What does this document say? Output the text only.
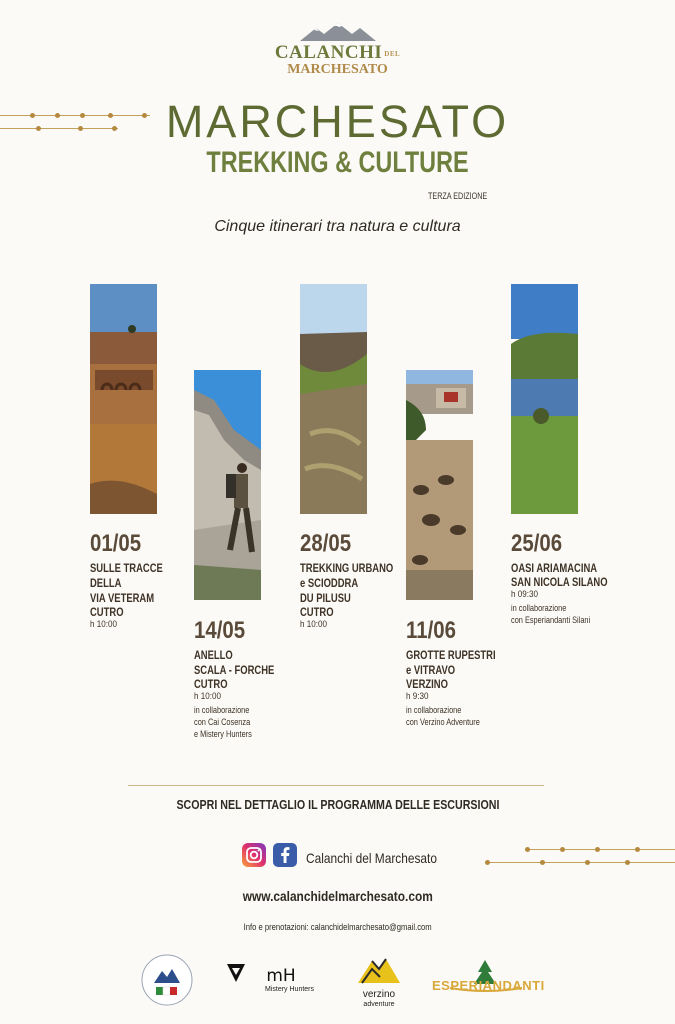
CALANCHI DEL
MARCHESATO
MARCHESATO
TREKKING & CULTURE
TERZA EDIZIONE
Cinque itinerari tra natura e cultura
01/05
SULLE TRACCE
DELLA
VIA VETERAM
CUTRO
h 10:00	14/05
ANELLO
SCALA - FORCHE
CUTRO
h 10:00
in collaborazione
con Cai Cosenza
e Mistery Hunters
28/05
TREKKING URBANO
e SCIODDRA
DU PILUSU
CUTRO
h 10:00	11/06
GROTTE RUPESTRI
e VITRAVO
VERZINO
h 9:30
in collaborazione
con Verzino Adventure
25/06
OASI ARIAMACINA
SAN NICOLA SILANO
h 09:30
in collaborazione
con Esperiandanti Silani
SCOPRI NEL DETTAGLIO IL PROGRAMMA DELLE ESCURSIONI
Calanchi del Marchesato
www.calanchidelmarchesato.com
Info e prenotazioni: calanchidelmarchesato@gmail.com
mH
Mistery Hunters	verzino
adventure
ESPERIANDANTI
